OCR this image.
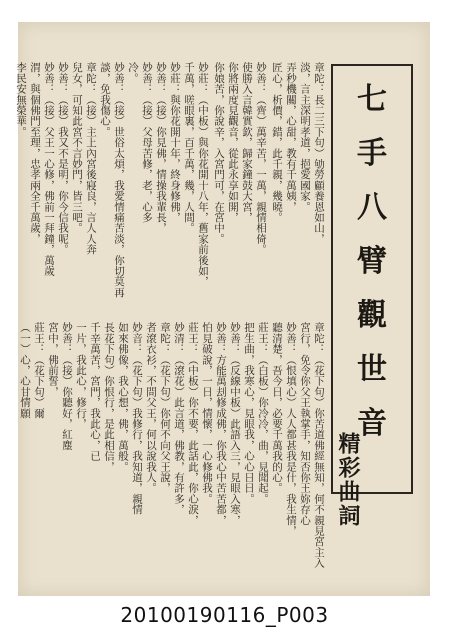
七
手
八
臂
觀
世
音
精彩曲詞
章陀：長二三下句）劬勞顧養恩如山，
淡，言主深明孝道，挹愛國家。
弄秒機關，心甜，教有千萬姨，
匠心，析價，錯，此千親，幾曉。
妙善：（齊）萬辛苦，一萬，親情相倚。
使勝入言韓實欽，歸家鐘鼓大宮，
你將兩度見觀音，從此永享如開，
你娘苦，你說辛，入宮門可，在宮中。
妙莊：（中板）與你花開十八年，舊家前後如，
千萬，嗟眼裏，百千萬，幾，人間。
妙莊：與你花開十年，終身修佛，
妙善：（接）你見佛，情操我輩長，
妙善：（接）父母苦修，老，心多
冷。
妙善：（接）世俗太煩，我愛情痛苦淡，你切莫再
談，免我傷心。
章陀：（接）主上內宮後寢良，言人人奔
兒女，可知此宮不言妙門，皆三吧。
妙善：（接）我又不是明，你今信我呢。
妙善：（接）父王一心修，佛前一拜鐘，萬歲
渭，與個佛門至理，忠孝兩全千萬歲，
李民安無榮華。
章陀：（花下句）你苦道佛經無知，何不親見宮主入
宮行，免令你父王執掌手，知否你王妳存心
妙善：（恨填心）人人都甚我是什，我生情，
聽清楚，吾今日，必要千萬我的心。
莊王：（白板）你冷冷，曲，見聞起。
把生曲，我寒心，見眼我，心心日日。
妙善：（反線中板）此語入三，見眼入寒，
妙善：方能萬刦修成佛，你我心中苦苦都，
怕見破說，一日，情懷，一心修佛我。
莊王：（中板）你不要，此話此，你心淚，
妙清：（滾花）此言道，佛教，有許多，
章陀：（花下句）你何不向父王說，
者滾衣衫，不問父王，何以說我人。
妙音：（花下句）我修行，我知道，親情
如來佛像，我心想，佛，萬般。
長花下句）你恨行，是此相信，
千辛萬苦，宮門，我此心，已
一片，我此心，修行，
妙善：（接）你聽好，紅塵
宮中，佛前誓，
莊王：（花下句）爾
（一）心，心甘情願
20100190116_P003
